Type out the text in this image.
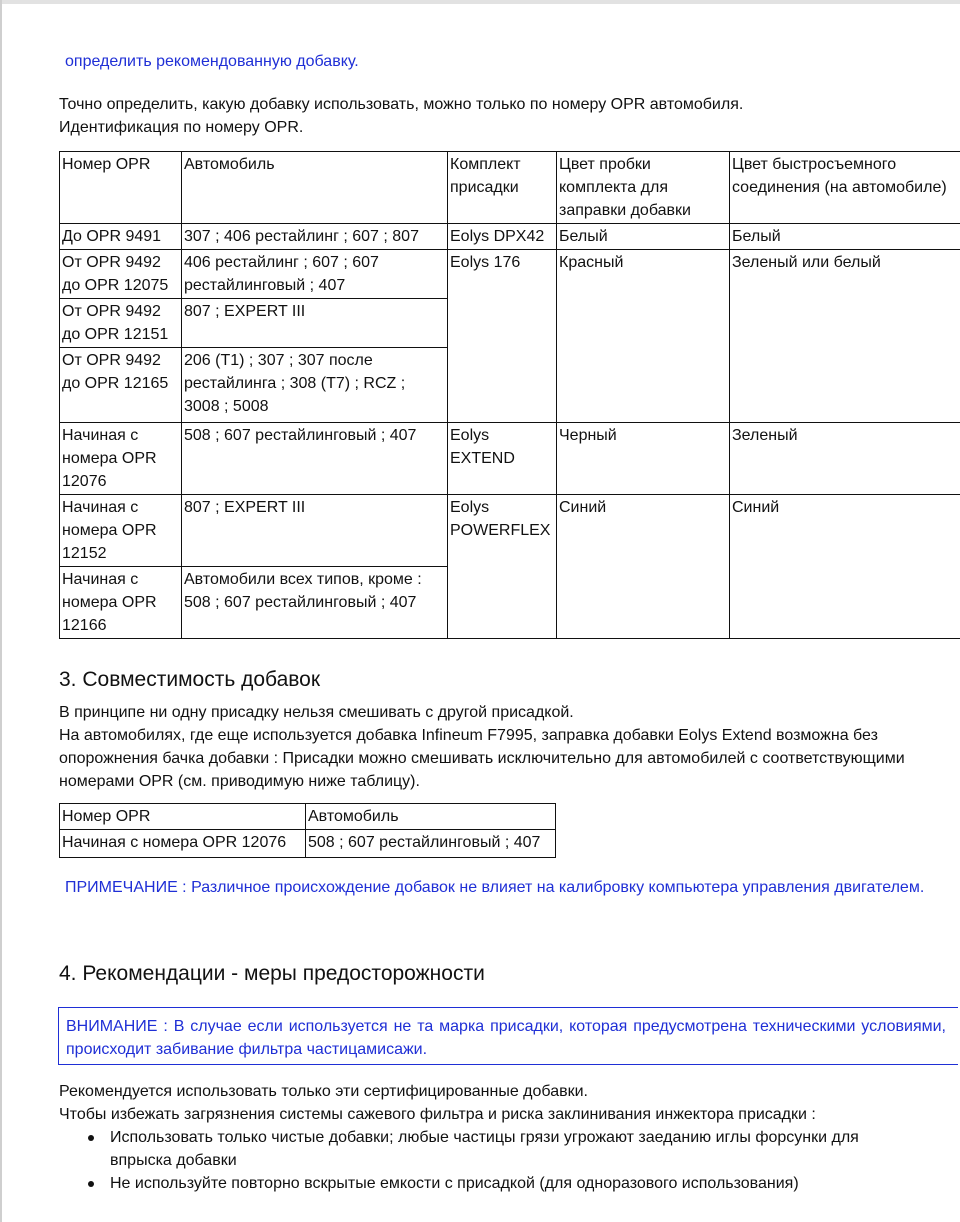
определить рекомендованную добавку.

Точно определить, какую добавку использовать, можно только по номеру OPR автомобиля.

Идентификация по номеру OPR.

Номер OPR	Автомобиль	Комплект присадки	Цвет пробки комплекта для заправки добавки	Цвет быстросъемного соединения (на автомобиле)
До OPR 9491	307 ; 406 рестайлинг ; 607 ; 807	Eolys DPX42	Белый	Белый
От OPR 9492 до OPR 12075	406 рестайлинг ; 607 ; 607 рестайлинговый ; 407	Eolys 176	Красный	Зеленый или белый
От OPR 9492 до OPR 12151	807 ; EXPERT III			
От OPR 9492 до OPR 12165	206 (T1) ; 307 ; 307 после рестайлинга ; 308 (T7) ; RCZ ; 3008 ; 5008			
Начиная с номера OPR 12076	508 ; 607 рестайлинговый ; 407	Eolys EXTEND	Черный	Зеленый
Начиная с номера OPR 12152	807 ; EXPERT III	Eolys POWERFLEX	Синий	Синий
Начиная с номера OPR 12166	Автомобили всех типов, кроме : 508 ; 607 рестайлинговый ; 407			
3. Совместимость добавок

В принципе ни одну присадку нельзя смешивать с другой присадкой.

На автомобилях, где еще используется добавка Infineum F7995, заправка добавки Eolys Extend возможна без опорожнения бачка добавки : Присадки можно смешивать исключительно для автомобилей с соответствующими номерами OPR (см. приводимую ниже таблицу).

Номер OPR	Автомобиль
Начиная с номера OPR 12076	508 ; 607 рестайлинговый ; 407

ПРИМЕЧАНИЕ : Различное происхождение добавок не влияет на калибровку компьютера управления двигателем.

4. Рекомендации - меры предосторожности

ВНИМАНИЕ : В случае если используется не та марка присадки, которая предусмотрена техническими условиями, происходит забивание фильтра частицамисажи.

Рекомендуется использовать только эти сертифицированные добавки.

Чтобы избежать загрязнения системы сажевого фильтра и риска заклинивания инжектора присадки :

Использовать только чистые добавки; любые частицы грязи угрожают заеданию иглы форсунки для впрыска добавки
Не используйте повторно вскрытые емкости с присадкой (для одноразового использования)
